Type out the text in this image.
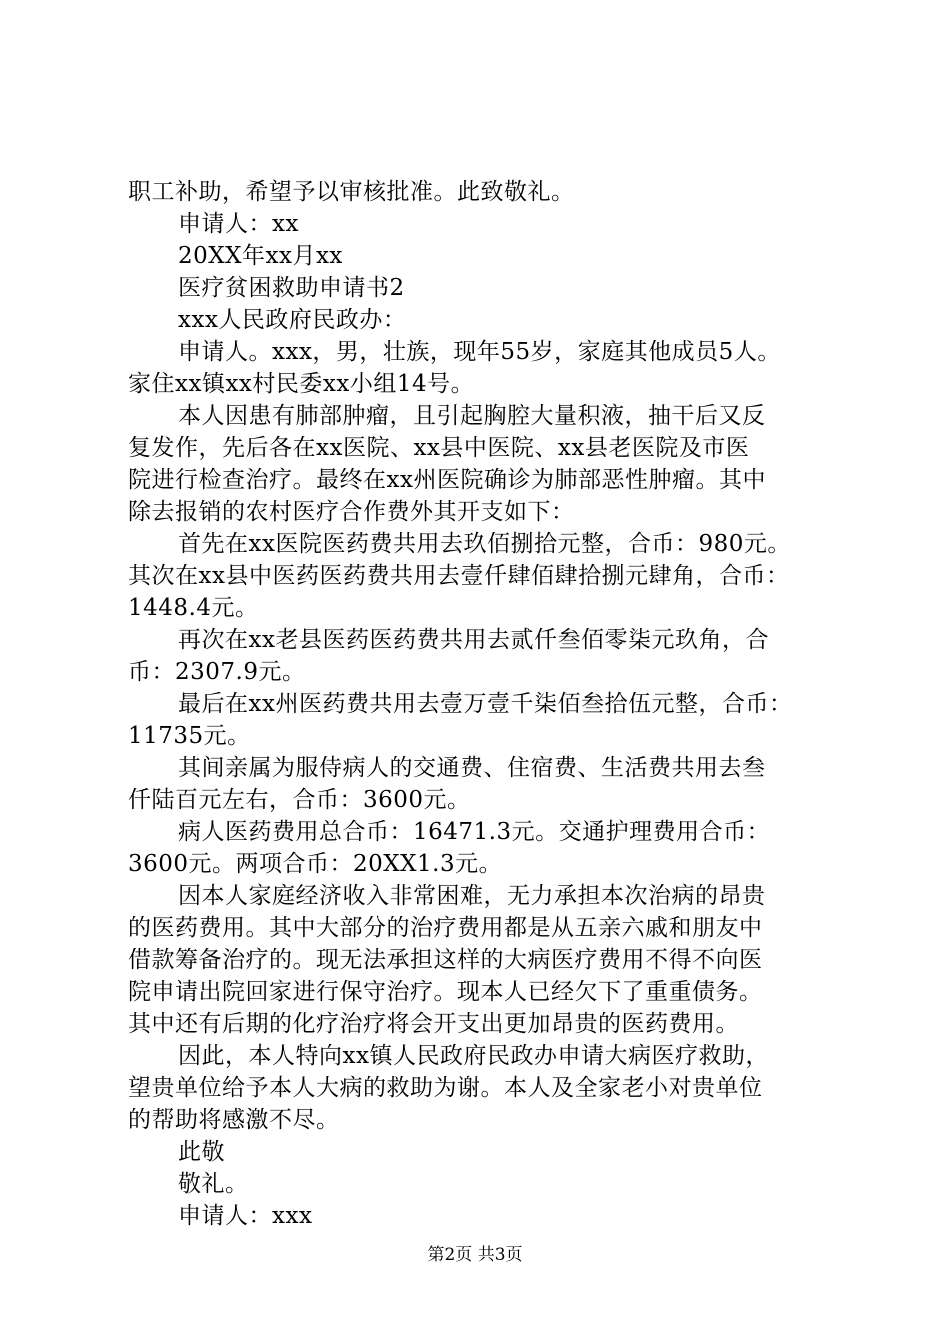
职工补助，希望予以审核批准。此致敬礼。
申请人：xx
20XX年xx月xx
医疗贫困救助申请书2
xxx人民政府民政办：
申请人。xxx，男，壮族，现年55岁，家庭其他成员5人。
家住xx镇xx村民委xx小组14号。
本人因患有肺部肿瘤，且引起胸腔大量积液，抽干后又反
复发作，先后各在xx医院、xx县中医院、xx县老医院及市医
院进行检查治疗。最终在xx州医院确诊为肺部恶性肿瘤。其中
除去报销的农村医疗合作费外其开支如下：
首先在xx医院医药费共用去玖佰捌拾元整，合币：980元。
其次在xx县中医药医药费共用去壹仟肆佰肆拾捌元肆角，合币：
1448.4元。
再次在xx老县医药医药费共用去贰仟叁佰零柒元玖角，合
币：2307.9元。
最后在xx州医药费共用去壹万壹千柒佰叁拾伍元整，合币：
11735元。
其间亲属为服侍病人的交通费、住宿费、生活费共用去叁
仟陆百元左右，合币：3600元。
病人医药费用总合币：16471.3元。交通护理费用合币：
3600元。两项合币：20XX1.3元。
因本人家庭经济收入非常困难，无力承担本次治病的昂贵
的医药费用。其中大部分的治疗费用都是从五亲六戚和朋友中
借款筹备治疗的。现无法承担这样的大病医疗费用不得不向医
院申请出院回家进行保守治疗。现本人已经欠下了重重债务。
其中还有后期的化疗治疗将会开支出更加昂贵的医药费用。
因此，本人特向xx镇人民政府民政办申请大病医疗救助，
望贵单位给予本人大病的救助为谢。本人及全家老小对贵单位
的帮助将感激不尽。
此敬
敬礼。
申请人：xxx
第2页 共3页
